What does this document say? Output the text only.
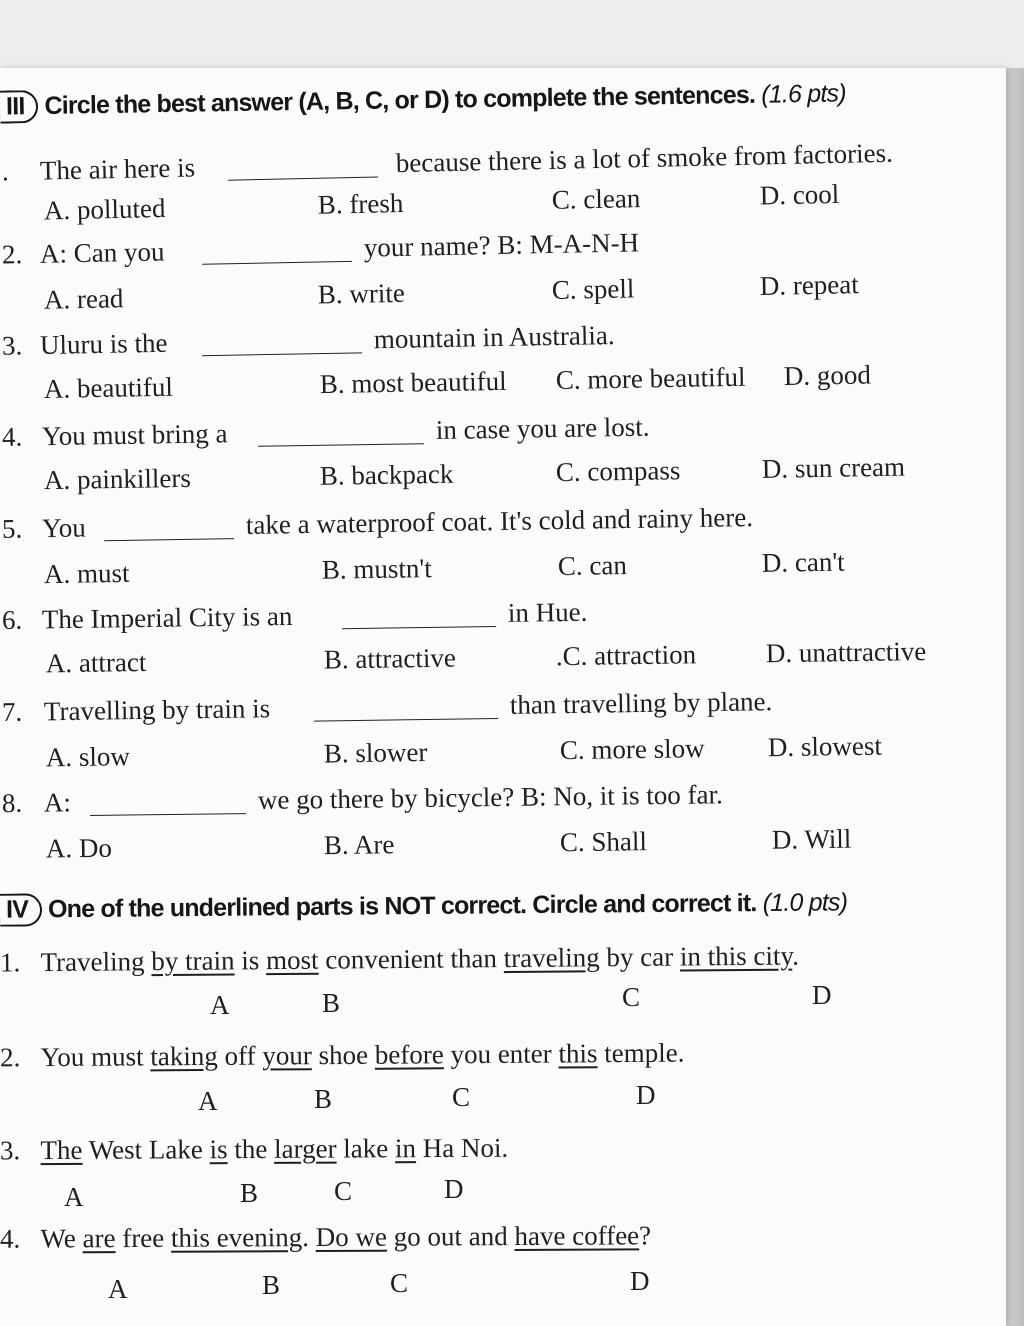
III Circle the best answer (A, B, C, or D) to complete the sentences. (1.6 pts)
. The air here is	because there is a lot of smoke from factories.
A. polluted	B. fresh	C. clean	D. cool
2. A: Can you	your name? B: M-A-N-H
A. read	B. write	C. spell	D. repeat
3. Uluru is the	mountain in Australia.
A. beautiful	B. most beautiful C. more beautiful D. good
4. You must bring a	in case you are lost.
A. painkillers	B. backpack	C. compass	D. sun cream
5. You	take a waterproof coat. It's cold and rainy here.
A. must	B. mustn't	C. can	D. can't
6. The Imperial City is an	in Hue.
A. attract	B. attractive	.C. attraction	D. unattractive
7. Travelling by train is	than travelling by plane.
A. slow	B. slower	C. more slow D. slowest
8. A:	we go there by bicycle? B: No, it is too far.
A. Do	B. Are	C. Shall	D. Will
IV One of the underlined parts is NOT correct. Circle and correct it. (1.0 pts)
1. Traveling by train is most convenient than traveling by car in this city.
A	B	C	D
2. You must taking off your shoe before you enter this temple.
A	B	C	D
3. The West Lake is the larger lake in Ha Noi.
A	B	C	D
4. We are free this evening. Do we go out and have coffee?
A	B	C	D
